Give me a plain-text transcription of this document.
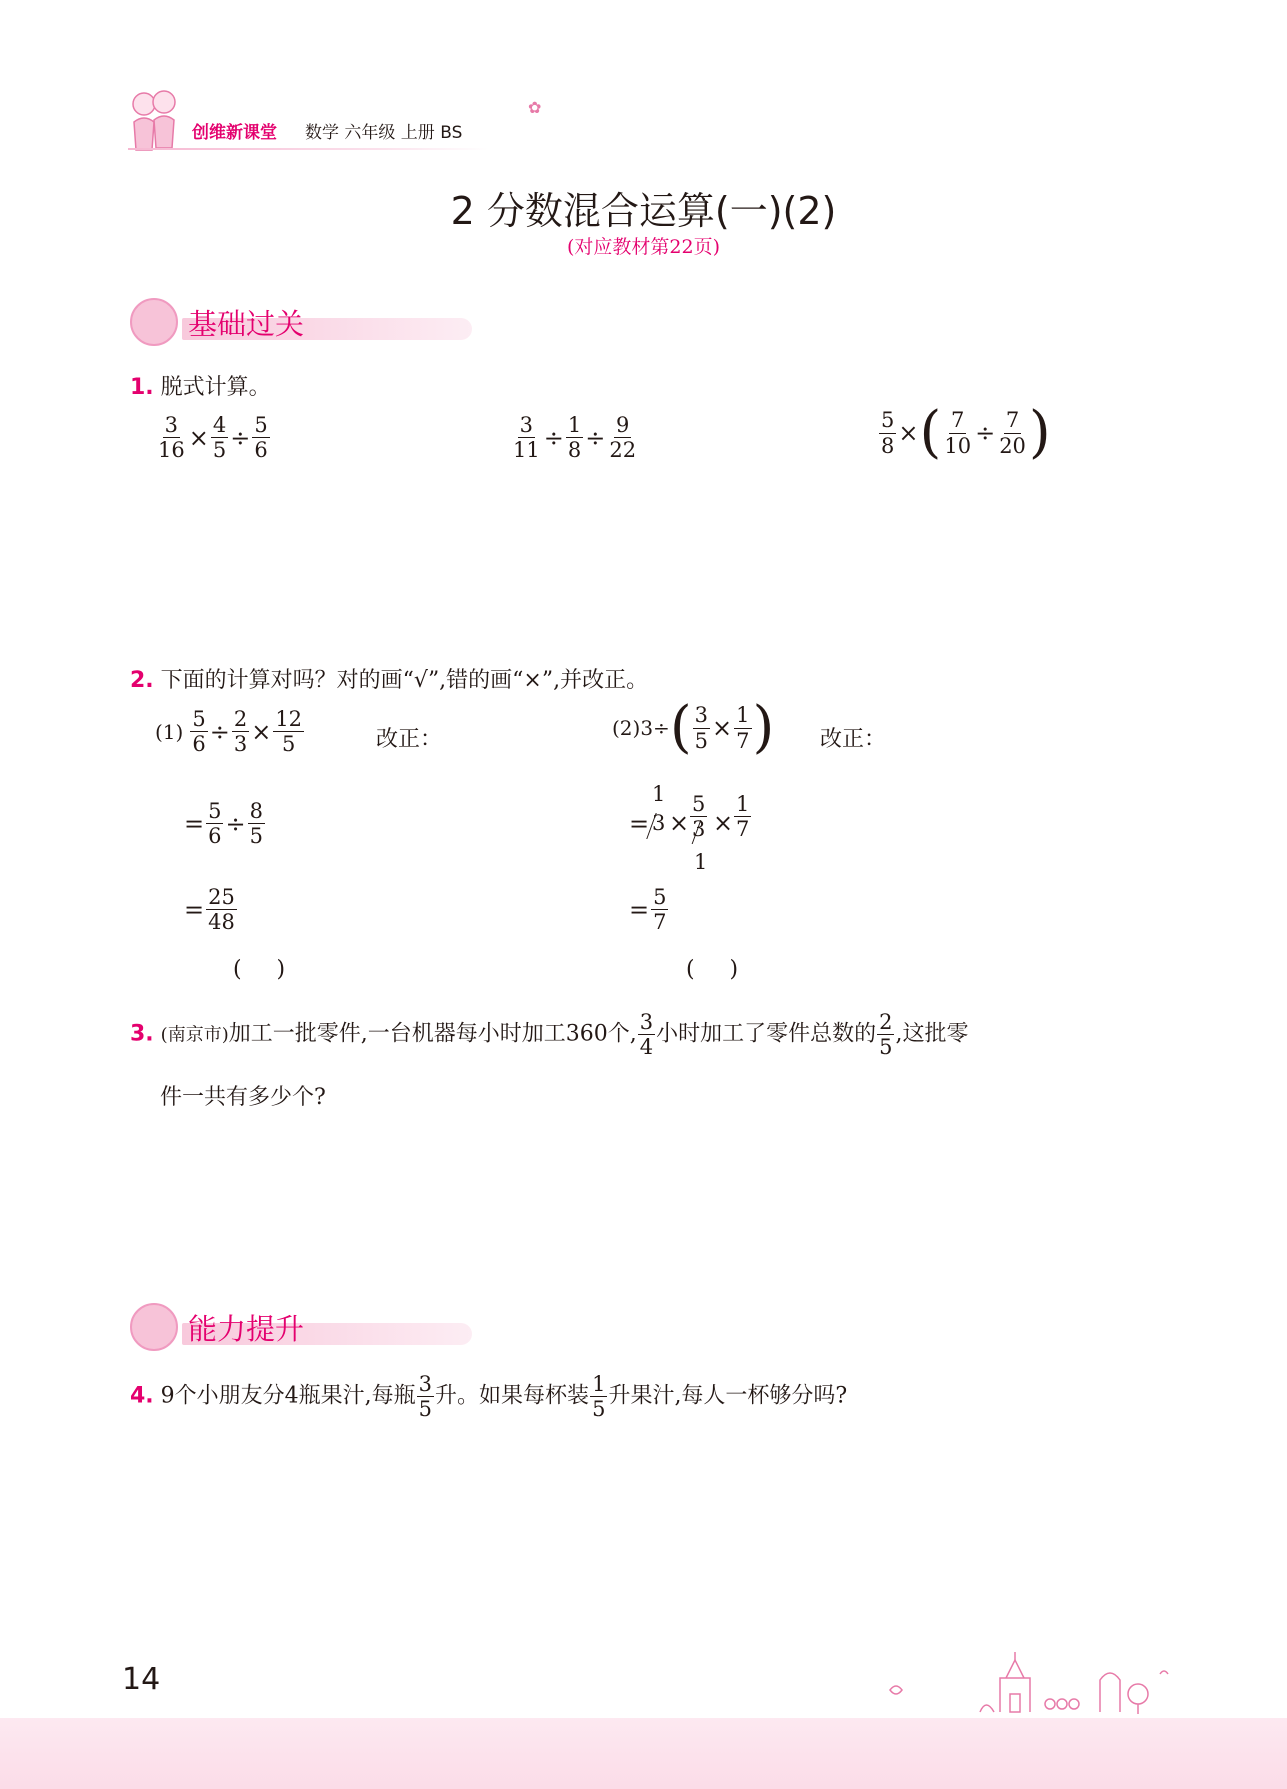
创维新课堂 数学 六年级 上册 BS
✿
2 分数混合运算(一)(2)
(对应教材第22页)
基础过关
1. 脱式计算。
$\frac{3}{16} \times \frac{4}{5} \div \frac{5}{6}$	$\frac{3}{11} \div \frac{1}{8} \div \frac{9}{22}$	$\frac{5}{8}$ ×( $\frac{7}{10} \div \frac{7}{20}$ )
2. 下面的计算对吗？对的画“√”,错的画“×”,并改正。
$(1) \frac{5}{6} \div \frac{2}{3} \times \frac{12}{5}$	改正：
= $\frac{5}{6} \div \frac{8}{5}$
= $\frac{25}{48}$
(     )
$(2)3\div( \frac{3}{5} \times \frac{1}{7}$ ) 改正：
=
1
$3 \times \frac{5}{3}$
1
× $\frac{1}{7}$
= $\frac{5}{7}$
(     )
3. (南京市)加工一批零件,一台机器每小时加工360个, $\frac{3}{4}$ 小时加工了零件总数的 $\frac{2}{5}$ ,这批零
件一共有多少个?
能力提升
4. 9个小朋友分4瓶果汁,每瓶 $\frac{3}{5}$ 升。如果每杯装 $\frac{1}{5}$ 升果汁,每人一杯够分吗?
14
